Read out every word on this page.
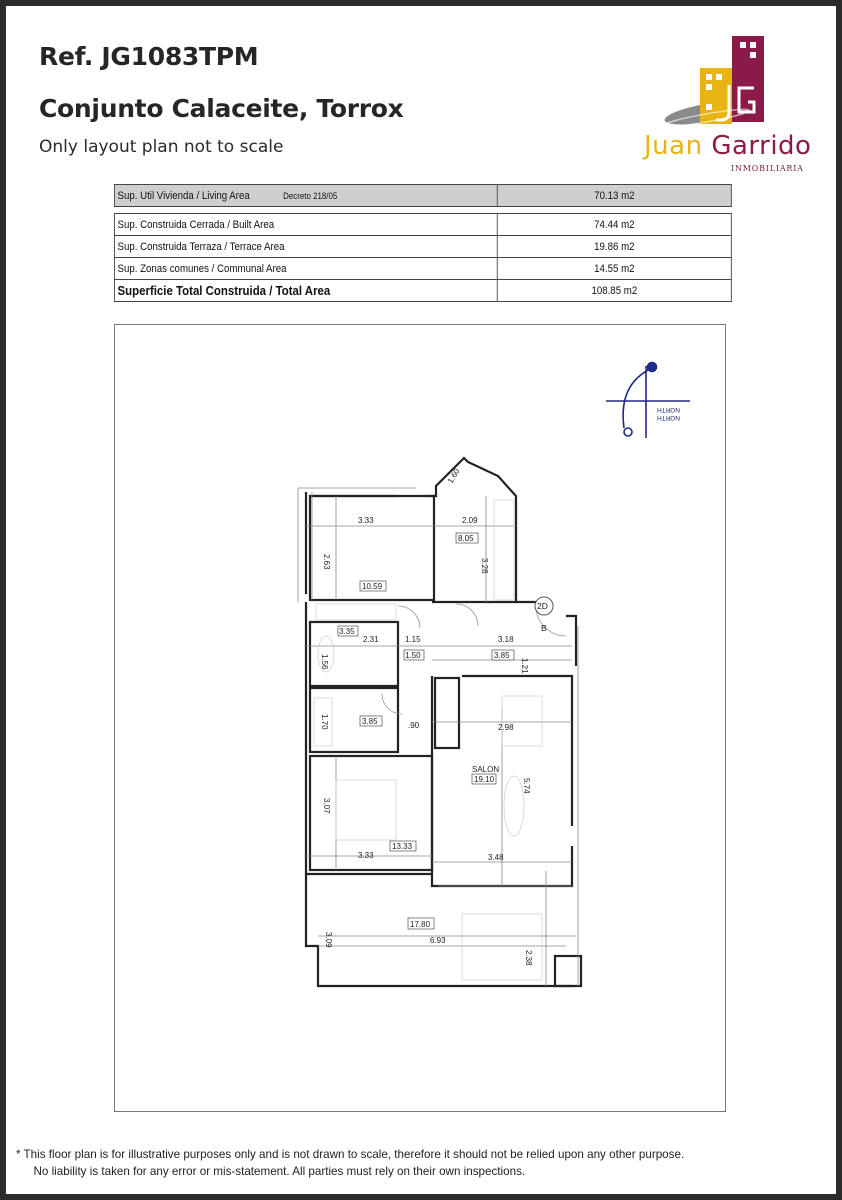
Ref. JG1083TPM
Conjunto Calaceite, Torrox
Only layout plan not to scale	Juan Garrido
INMOBILIARIA
Sup. Util Vivienda / Living Area	Decreto 218/05	70.13 m2
Sup. Construida Cerrada / Built Area	74.44 m2
Sup. Construida Terraza / Terrace Area	19.86 m2
Sup. Zonas comunes / Communal Area	14.55 m2
Superficie Total Construida / Total Area	108.85 m2
NORTH
NORTH
3.33
2.63
10.59
2.09
8.05
3.28
1.60
3.35
2.31
1.56
1.15
1.50
3.18
3.85
1.21
1.70	3.85	.90	2.98
SALON
19.10	5.74
3.48
3.07
13.33
3.33
17.80
6.93
3.09
2.38
2D
B
* This floor plan is for illustrative purposes only and is not drawn to scale, therefore it should not be relied upon any other purpose.
No liability is taken for any error or mis-statement. All parties must rely on their own inspections.
